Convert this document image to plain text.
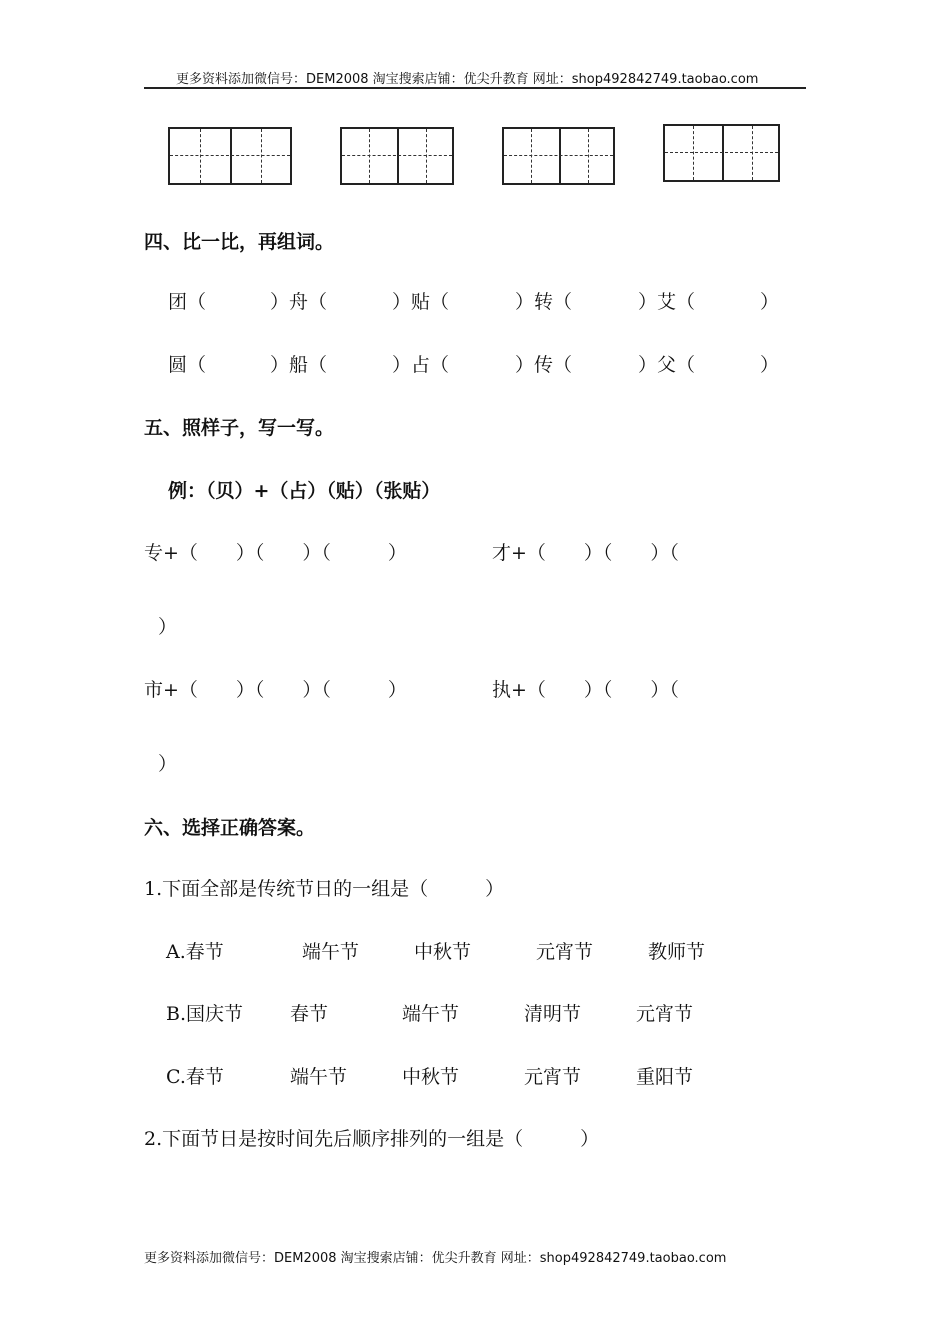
更多资料添加微信号：DEM2008 淘宝搜索店铺：优尖升教育 网址：shop492842749.taobao.com
四、比一比，再组词。
团（	）舟（	）贴（	）转（	）艾（	）
圆（	）船（	）占（	）传（	）父（	）
五、照样子，写一写。
例：（贝）+（占）（贴）（张贴）
专+（　　）（　　）（　　　）	才+（　　）（　　）（
）
市+（　　）（　　）（　　　）	执+（　　）（　　）（
）
六、选择正确答案。
1.下面全部是传统节日的一组是（　　　）
A.春节	端午节	中秋节	元宵节	教师节
B.国庆节 春节	端午节	清明节	元宵节
C.春节	端午节	中秋节	元宵节	重阳节
2.下面节日是按时间先后顺序排列的一组是（　　　）
更多资料添加微信号：DEM2008 淘宝搜索店铺：优尖升教育 网址：shop492842749.taobao.com
